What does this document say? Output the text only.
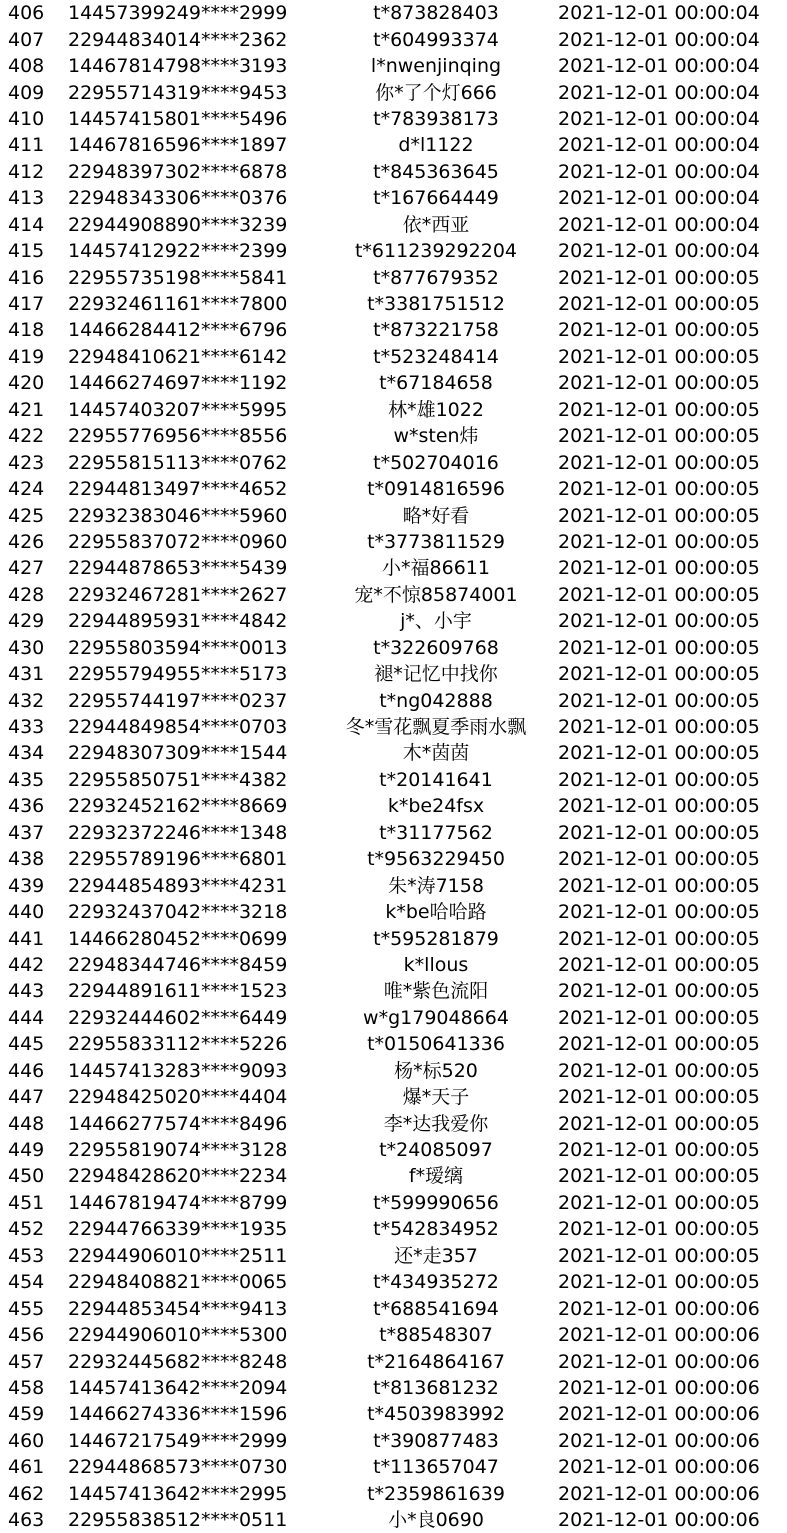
406	14457399249****2999	t*873828403	2021-12-01 00:00:04
407	22944834014****2362	t*604993374	2021-12-01 00:00:04
408	14467814798****3193	l*nwenjinqing	2021-12-01 00:00:04
409	22955714319****9453	你*了个灯666	2021-12-01 00:00:04
410	14457415801****5496	t*783938173	2021-12-01 00:00:04
411	14467816596****1897	d*l1122	2021-12-01 00:00:04
412	22948397302****6878	t*845363645	2021-12-01 00:00:04
413	22948343306****0376	t*167664449	2021-12-01 00:00:04
414	22944908890****3239	依*西亚	2021-12-01 00:00:04
415	14457412922****2399	t*611239292204	2021-12-01 00:00:04
416	22955735198****5841	t*877679352	2021-12-01 00:00:05
417	22932461161****7800	t*3381751512	2021-12-01 00:00:05
418	14466284412****6796	t*873221758	2021-12-01 00:00:05
419	22948410621****6142	t*523248414	2021-12-01 00:00:05
420	14466274697****1192	t*67184658	2021-12-01 00:00:05
421	14457403207****5995	林*雄1022	2021-12-01 00:00:05
422	22955776956****8556	w*sten炜	2021-12-01 00:00:05
423	22955815113****0762	t*502704016	2021-12-01 00:00:05
424	22944813497****4652	t*0914816596	2021-12-01 00:00:05
425	22932383046****5960	略*好看	2021-12-01 00:00:05
426	22955837072****0960	t*3773811529	2021-12-01 00:00:05
427	22944878653****5439	小*福86611	2021-12-01 00:00:05
428	22932467281****2627	宠*不惊85874001	2021-12-01 00:00:05
429	22944895931****4842	j*、小宇	2021-12-01 00:00:05
430	22955803594****0013	t*322609768	2021-12-01 00:00:05
431	22955794955****5173	褪*记忆中找你	2021-12-01 00:00:05
432	22955744197****0237	t*ng042888	2021-12-01 00:00:05
433	22944849854****0703	冬*雪花飘夏季雨水飘	2021-12-01 00:00:05
434	22948307309****1544	木*茵茵	2021-12-01 00:00:05
435	22955850751****4382	t*20141641	2021-12-01 00:00:05
436	22932452162****8669	k*be24fsx	2021-12-01 00:00:05
437	22932372246****1348	t*31177562	2021-12-01 00:00:05
438	22955789196****6801	t*9563229450	2021-12-01 00:00:05
439	22944854893****4231	朱*涛7158	2021-12-01 00:00:05
440	22932437042****3218	k*be哈哈路	2021-12-01 00:00:05
441	14466280452****0699	t*595281879	2021-12-01 00:00:05
442	22948344746****8459	k*llous	2021-12-01 00:00:05
443	22944891611****1523	唯*紫色流阳	2021-12-01 00:00:05
444	22932444602****6449	w*g179048664	2021-12-01 00:00:05
445	22955833112****5226	t*0150641336	2021-12-01 00:00:05
446	14457413283****9093	杨*标520	2021-12-01 00:00:05
447	22948425020****4404	爆*天子	2021-12-01 00:00:05
448	14466277574****8496	李*达我爱你	2021-12-01 00:00:05
449	22955819074****3128	t*24085097	2021-12-01 00:00:05
450	22948428620****2234	f*瑷缡	2021-12-01 00:00:05
451	14467819474****8799	t*599990656	2021-12-01 00:00:05
452	22944766339****1935	t*542834952	2021-12-01 00:00:05
453	22944906010****2511	还*走357	2021-12-01 00:00:05
454	22948408821****0065	t*434935272	2021-12-01 00:00:05
455	22944853454****9413	t*688541694	2021-12-01 00:00:06
456	22944906010****5300	t*88548307	2021-12-01 00:00:06
457	22932445682****8248	t*2164864167	2021-12-01 00:00:06
458	14457413642****2094	t*813681232	2021-12-01 00:00:06
459	14466274336****1596	t*4503983992	2021-12-01 00:00:06
460	14467217549****2999	t*390877483	2021-12-01 00:00:06
461	22944868573****0730	t*113657047	2021-12-01 00:00:06
462	14457413642****2995	t*2359861639	2021-12-01 00:00:06
463	22955838512****0511	小*良0690	2021-12-01 00:00:06
